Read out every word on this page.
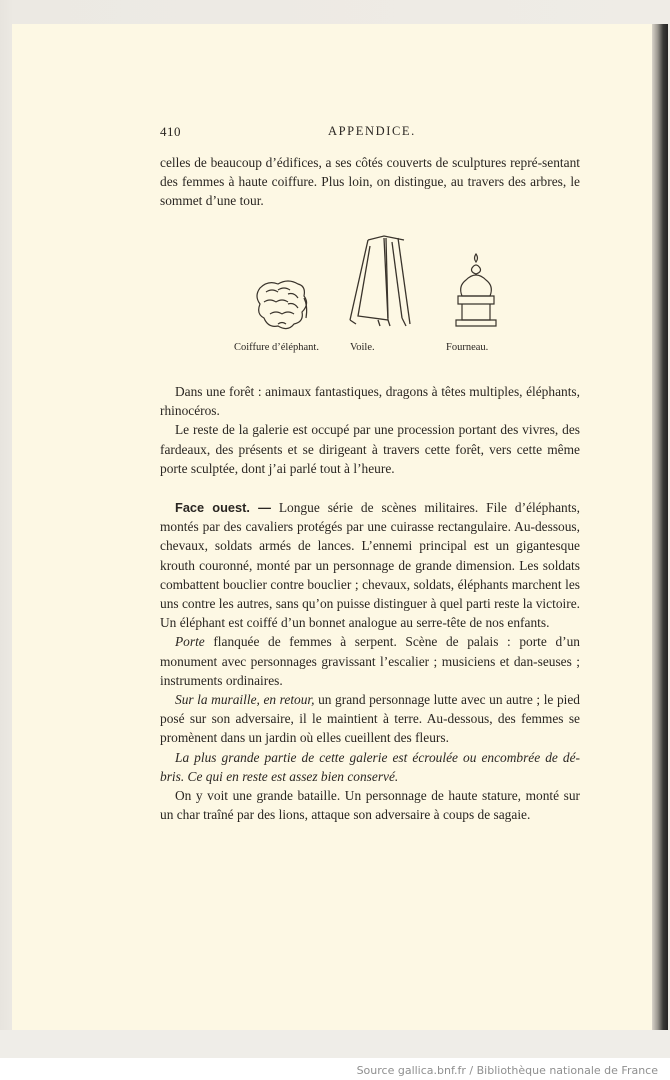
410	APPENDICE.

celles de beaucoup d’édifices, a ses côtés couverts de sculptures repré-sentant des femmes à haute coiffure. Plus loin, on distingue, au travers des arbres, le sommet d’une tour.

Coiffure d’éléphant.	Voile.	Fourneau.

Dans une forêt : animaux fantastiques, dragons à têtes multiples, éléphants, rhinocéros.

Le reste de la galerie est occupé par une procession portant des vivres, des fardeaux, des présents et se dirigeant à travers cette forêt, vers cette même porte sculptée, dont j’ai parlé tout à l’heure.

Face ouest. — Longue série de scènes militaires. File d’éléphants, montés par des cavaliers protégés par une cuirasse rectangulaire. Au-dessous, chevaux, soldats armés de lances. L’ennemi principal est un gigantesque krouth couronné, monté par un personnage de grande dimension. Les soldats combattent bouclier contre bouclier ; chevaux, soldats, éléphants marchent les uns contre les autres, sans qu’on puisse distinguer à quel parti reste la victoire. Un éléphant est coiffé d’un bonnet analogue au serre-tête de nos enfants.

Porte flanquée de femmes à serpent. Scène de palais : porte d’un monument avec personnages gravissant l’escalier ; musiciens et dan-seuses ; instruments ordinaires.

Sur la muraille, en retour, un grand personnage lutte avec un autre ; le pied posé sur son adversaire, il le maintient à terre. Au-dessous, des femmes se promènent dans un jardin où elles cueillent des fleurs.

La plus grande partie de cette galerie est écroulée ou encombrée de dé-bris. Ce qui en reste est assez bien conservé.

On y voit une grande bataille. Un personnage de haute stature, monté sur un char traîné par des lions, attaque son adversaire à coups de sagaie.

Source gallica.bnf.fr / Bibliothèque nationale de France
